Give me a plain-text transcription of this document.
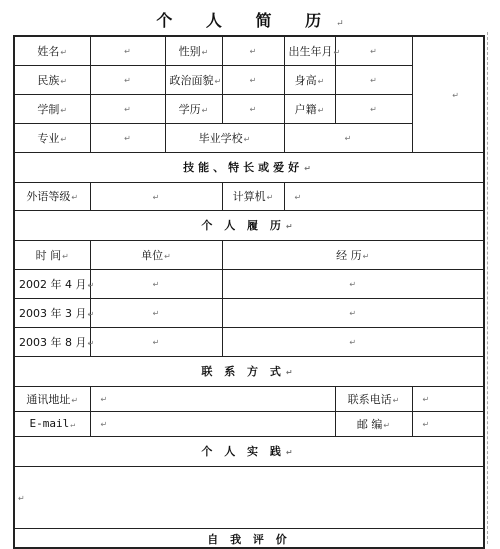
个 人 简 历↵
姓名↵	↵	性别↵	↵	出生年月↵	↵	↵
民族↵	↵	政治面貌↵	↵	身高↵	↵	
学制↵	↵	学历↵	↵	户籍↵	↵	
专业↵	↵	毕业学校↵		↵		
技能、特长或爱好↵						
外语等级↵	↵		计算机↵	↵		
个 人 履 历↵						
时 间↵	单位↵		经 历↵			
2002 年 4 月↵	↵		↵			
2003 年 3 月↵	↵		↵			
2003 年 8 月↵	↵		↵			
联 系 方 式↵						
通讯地址↵	↵				联系电话↵	↵
E-mail↵	↵				邮 编↵	↵
个 人 实 践↵						
↵						
自 我 评 价						
